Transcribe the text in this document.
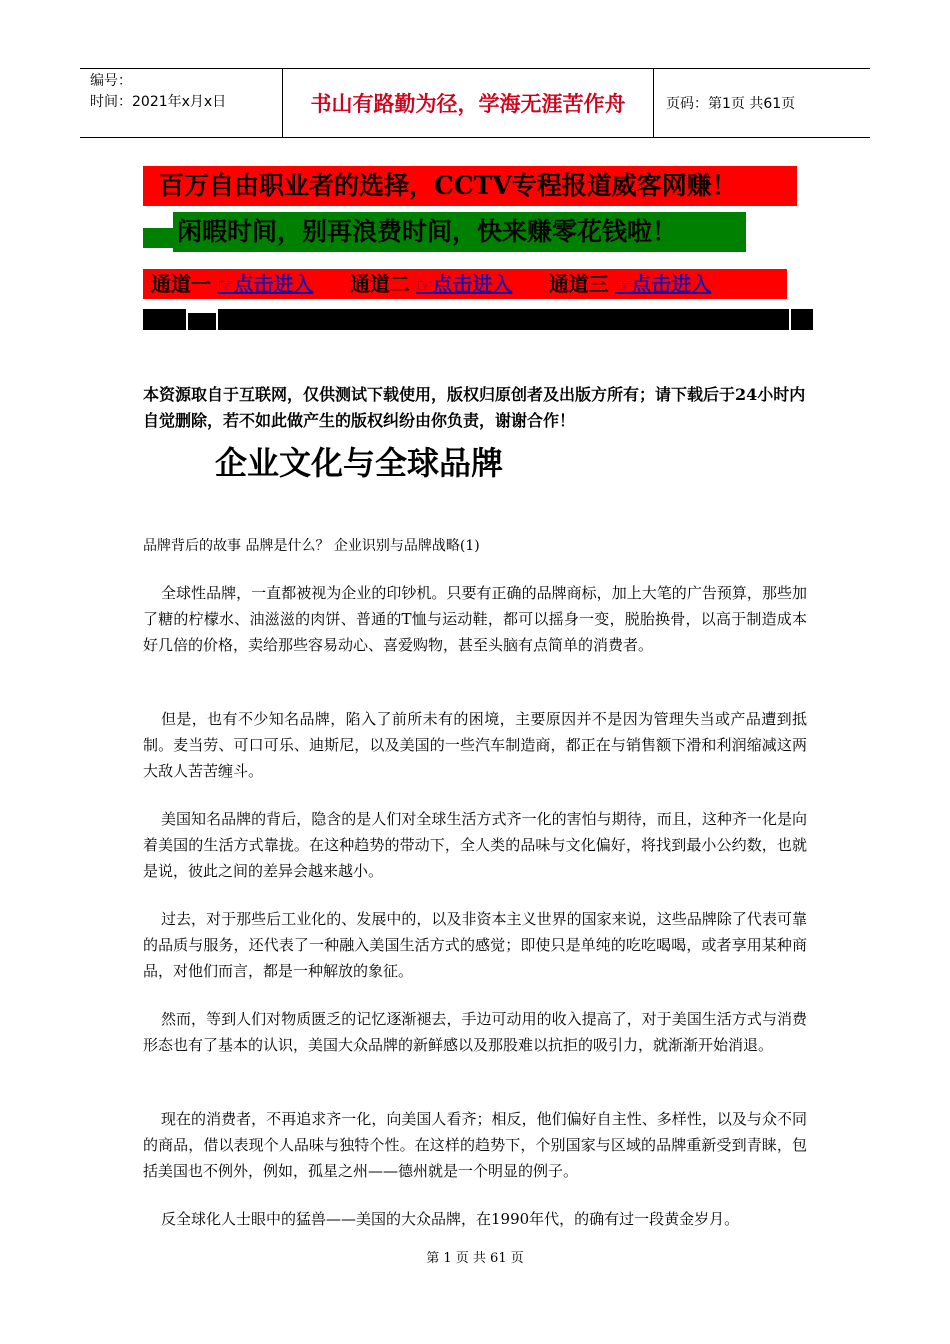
编号：
时间：2021年x月x日	书山有路勤为径，学海无涯苦作舟	页码：第1页 共61页
百万自由职业者的选择，CCTV专程报道威客网赚！
闲暇时间，别再浪费时间，快来赚零花钱啦！
通道一 ☞点击进入 通道二 ☞点击进入 通道三 ☞点击进入
本资源取自于互联网，仅供测试下载使用，版权归原创者及出版方所有；请下载后于24小时内自觉删除，若不如此做产生的版权纠纷由你负责，谢谢合作！
企业文化与全球品牌
品牌背后的故事 品牌是什么？ 企业识别与品牌战略(1)
全球性品牌，一直都被视为企业的印钞机。只要有正确的品牌商标，加上大笔的广告预算，那些加了糖的柠檬水、油滋滋的肉饼、普通的T恤与运动鞋，都可以摇身一变，脱胎换骨，以高于制造成本好几倍的价格，卖给那些容易动心、喜爱购物，甚至头脑有点简单的消费者。
但是，也有不少知名品牌，陷入了前所未有的困境，主要原因并不是因为管理失当或产品遭到抵制。麦当劳、可口可乐、迪斯尼，以及美国的一些汽车制造商，都正在与销售额下滑和利润缩减这两大敌人苦苦缠斗。
美国知名品牌的背后，隐含的是人们对全球生活方式齐一化的害怕与期待，而且，这种齐一化是向着美国的生活方式靠拢。在这种趋势的带动下，全人类的品味与文化偏好，将找到最小公约数，也就是说，彼此之间的差异会越来越小。
过去，对于那些后工业化的、发展中的，以及非资本主义世界的国家来说，这些品牌除了代表可靠的品质与服务，还代表了一种融入美国生活方式的感觉；即使只是单纯的吃吃喝喝，或者享用某种商品，对他们而言，都是一种解放的象征。
然而，等到人们对物质匮乏的记忆逐渐褪去，手边可动用的收入提高了，对于美国生活方式与消费形态也有了基本的认识，美国大众品牌的新鲜感以及那股难以抗拒的吸引力，就渐渐开始消退。
现在的消费者，不再追求齐一化，向美国人看齐；相反，他们偏好自主性、多样性，以及与众不同的商品，借以表现个人品味与独特个性。在这样的趋势下，个别国家与区域的品牌重新受到青睐，包括美国也不例外，例如，孤星之州——德州就是一个明显的例子。
反全球化人士眼中的猛兽——美国的大众品牌，在1990年代，的确有过一段黄金岁月。
第 1 页 共 61 页
